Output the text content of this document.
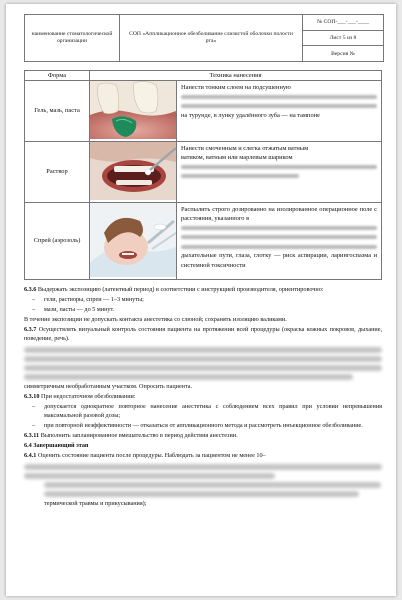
наименование стоматологической организации
СОП «Аппликационное обезболивание слизистой оболочки полости рта»
№ СОП-___-___-____
Лист 5 из 8
Версия №
Форма	Техника нанесения	
Гель, мазь, паста		Нанести тонким слоем на подсушенную
на турунде, в лунку удалённого зуба — на тампоне

Раствор		Нанести смоченным и слегка отжатым ватным
ватиком, ватным или марлевым шариком

Спрей (аэрозоль)		Распылить строго дозированно на изолированное операционное поле с расстояния, указанного в
дыхательные пути, глаза, глотку — риск аспирации, ларингоспазма и системной токсичности

6.3.6 Выдержать экспозицию (латентный период) в соответствии с инструкцией производителя, ориентировочно:

– гели, растворы, спреи — 1–3 минуты;
– мази, пасты — до 5 минут.

В течение экспозиции не допускать контакта анестетика со слюной; сохранять изоляцию валиками.

6.3.7 Осуществлять визуальный контроль состояния пациента на протяжении всей процедуры (окраска кожных покровов, дыхание, поведение, речь).

симметричным необработанным участком. Опросить пациента.

6.3.10 При недостаточном обезболивании:

– допускается однократное повторное нанесение анестетика с соблюдением всех правил при условии непревышения максимальной разовой дозы;
– при повторной неэффективности — отказаться от аппликационного метода и рассмотреть инъекционное обезболивание.

6.3.11 Выполнить запланированное вмешательство в период действия анестезии.

6.4 Завершающий этап

6.4.1 Оценить состояние пациента после процедуры. Наблюдать за пациентом не менее 10–

термической травмы и прикусывания);
